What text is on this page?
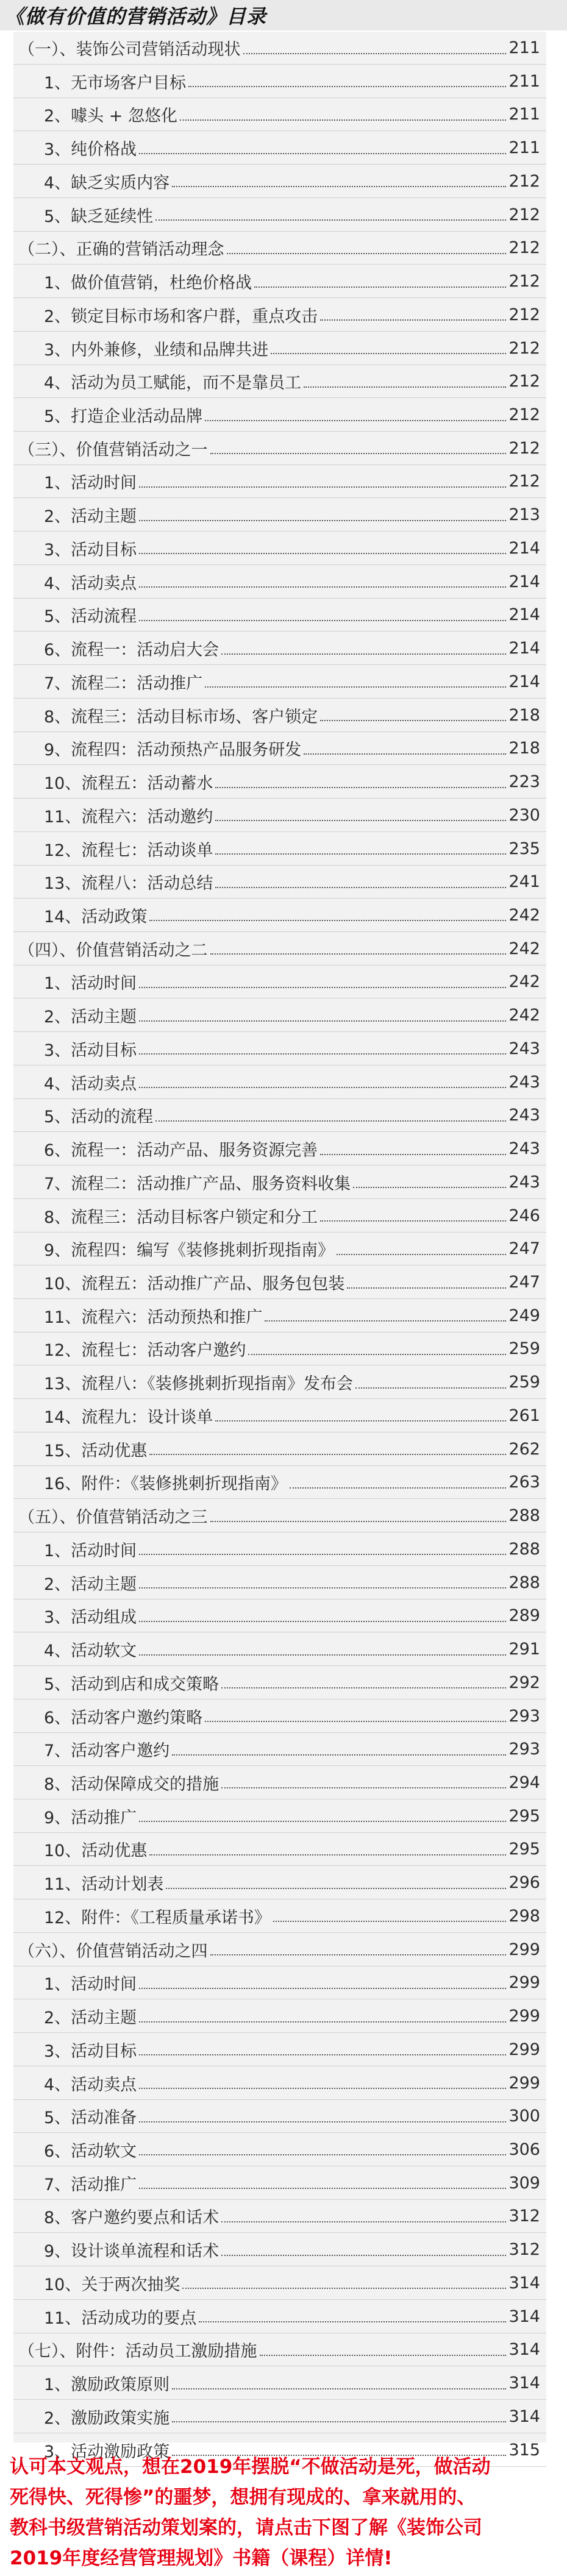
《做有价值的营销活动》目录
（一）、装饰公司营销活动现状	211
1、无市场客户目标	211
2、噱头 + 忽悠化	211
3、纯价格战	211
4、缺乏实质内容	212
5、缺乏延续性	212
（二）、正确的营销活动理念	212
1、做价值营销，杜绝价格战	212
2、锁定目标市场和客户群，重点攻击	212
3、内外兼修，业绩和品牌共进	212
4、活动为员工赋能，而不是靠员工	212
5、打造企业活动品牌	212
（三）、价值营销活动之一	212
1、活动时间	212
2、活动主题	213
3、活动目标	214
4、活动卖点	214
5、活动流程	214
6、流程一：活动启大会	214
7、流程二：活动推广	214
8、流程三：活动目标市场、客户锁定	218
9、流程四：活动预热产品服务研发	218
10、流程五：活动蓄水	223
11、流程六：活动邀约	230
12、流程七：活动谈单	235
13、流程八：活动总结	241
14、活动政策	242
（四）、价值营销活动之二	242
1、活动时间	242
2、活动主题	242
3、活动目标	243
4、活动卖点	243
5、活动的流程	243
6、流程一：活动产品、服务资源完善	243
7、流程二：活动推广产品、服务资料收集	243
8、流程三：活动目标客户锁定和分工	246
9、流程四：编写《装修挑刺折现指南》	247
10、流程五：活动推广产品、服务包包装	247
11、流程六：活动预热和推广	249
12、流程七：活动客户邀约	259
13、流程八：《装修挑刺折现指南》发布会	259
14、流程九：设计谈单	261
15、活动优惠	262
16、附件：《装修挑刺折现指南》	263
（五）、价值营销活动之三	288
1、活动时间	288
2、活动主题	288
3、活动组成	289
4、活动软文	291
5、活动到店和成交策略	292
6、活动客户邀约策略	293
7、活动客户邀约	293
8、活动保障成交的措施	294
9、活动推广	295
10、活动优惠	295
11、活动计划表	296
12、附件：《工程质量承诺书》	298
（六）、价值营销活动之四	299
1、活动时间	299
2、活动主题	299
3、活动目标	299
4、活动卖点	299
5、活动准备	300
6、活动软文	306
7、活动推广	309
8、客户邀约要点和话术	312
9、设计谈单流程和话术	312
10、关于两次抽奖	314
11、活动成功的要点	314
（七）、附件：活动员工激励措施	314
1、激励政策原则	314
2、激励政策实施	314
3、活动激励政策	315
认可本文观点，想在2019年摆脱“不做活动是死，做活动
死得快、死得惨”的噩梦，想拥有现成的、拿来就用的、
教科书级营销活动策划案的，请点击下图了解《装饰公司
2019年度经营管理规划》书籍（课程）详情!
